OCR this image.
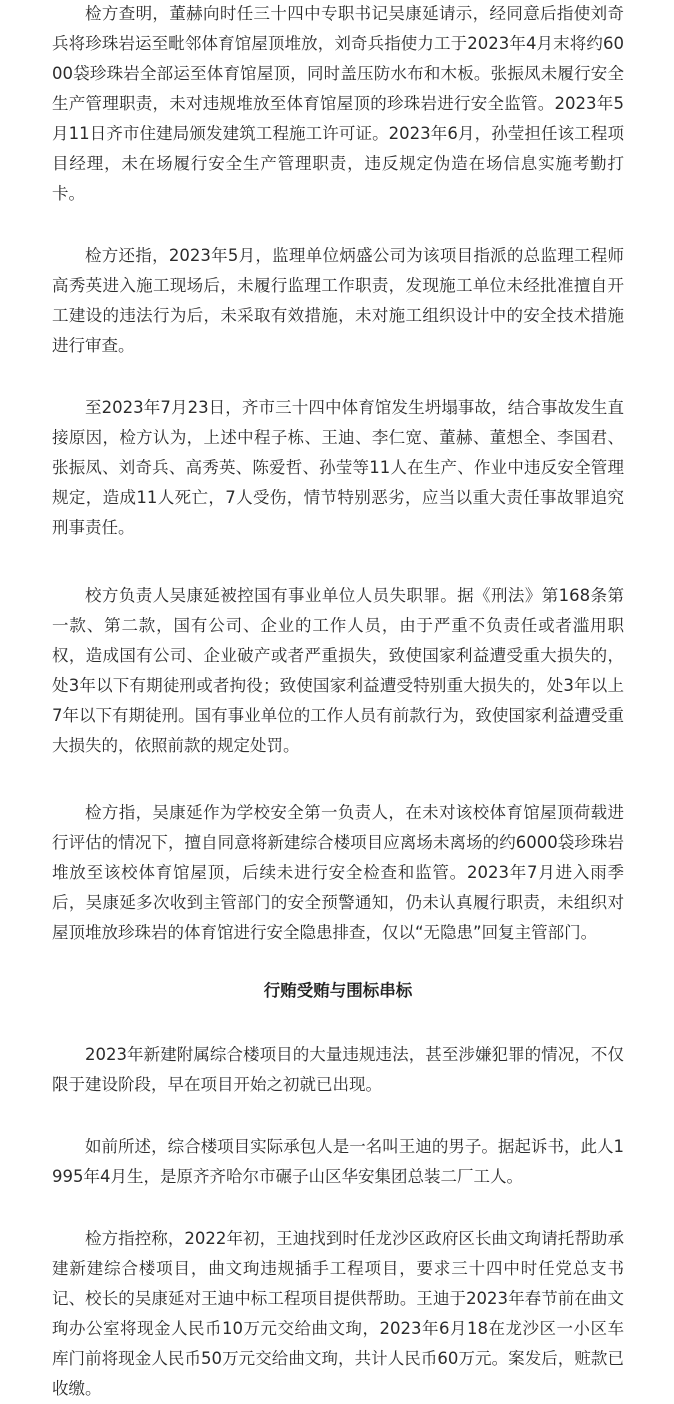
检方查明，董赫向时任三十四中专职书记吴康延请示，经同意后指使刘奇兵将珍珠岩运至毗邻体育馆屋顶堆放，刘奇兵指使力工于2023年4月末将约6000袋珍珠岩全部运至体育馆屋顶，同时盖压防水布和木板。张振凤未履行安全生产管理职责，未对违规堆放至体育馆屋顶的珍珠岩进行安全监管。2023年5月11日齐市住建局颁发建筑工程施工许可证。2023年6月，孙莹担任该工程项目经理，未在场履行安全生产管理职责，违反规定伪造在场信息实施考勤打卡。

检方还指，2023年5月，监理单位炳盛公司为该项目指派的总监理工程师高秀英进入施工现场后，未履行监理工作职责，发现施工单位未经批准擅自开工建设的违法行为后，未采取有效措施，未对施工组织设计中的安全技术措施进行审查。

至2023年7月23日，齐市三十四中体育馆发生坍塌事故，结合事故发生直接原因，检方认为，上述中程子栋、王迪、李仁宽、董赫、董想全、李国君、张振凤、刘奇兵、高秀英、陈爱哲、孙莹等11人在生产、作业中违反安全管理规定，造成11人死亡，7人受伤，情节特别恶劣，应当以重大责任事故罪追究刑事责任。

校方负责人吴康延被控国有事业单位人员失职罪。据《刑法》第168条第一款、第二款，国有公司、企业的工作人员，由于严重不负责任或者滥用职权，造成国有公司、企业破产或者严重损失，致使国家利益遭受重大损失的，处3年以下有期徒刑或者拘役；致使国家利益遭受特别重大损失的，处3年以上7年以下有期徒刑。国有事业单位的工作人员有前款行为，致使国家利益遭受重大损失的，依照前款的规定处罚。

检方指，吴康延作为学校安全第一负责人，在未对该校体育馆屋顶荷载进行评估的情况下，擅自同意将新建综合楼项目应离场未离场的约6000袋珍珠岩堆放至该校体育馆屋顶，后续未进行安全检查和监管。2023年7月进入雨季后，吴康延多次收到主管部门的安全预警通知，仍未认真履行职责，未组织对屋顶堆放珍珠岩的体育馆进行安全隐患排查，仅以“无隐患”回复主管部门。

行贿受贿与围标串标

2023年新建附属综合楼项目的大量违规违法，甚至涉嫌犯罪的情况，不仅限于建设阶段，早在项目开始之初就已出现。

如前所述，综合楼项目实际承包人是一名叫王迪的男子。据起诉书，此人1995年4月生，是原齐齐哈尔市碾子山区华安集团总装二厂工人。

检方指控称，2022年初，王迪找到时任龙沙区政府区长曲文珣请托帮助承建新建综合楼项目，曲文珣违规插手工程项目，要求三十四中时任党总支书记、校长的吴康延对王迪中标工程项目提供帮助。王迪于2023年春节前在曲文珣办公室将现金人民币10万元交给曲文珣，2023年6月18在龙沙区一小区车库门前将现金人民币50万元交给曲文珣，共计人民币60万元。案发后，赃款已收缴。
